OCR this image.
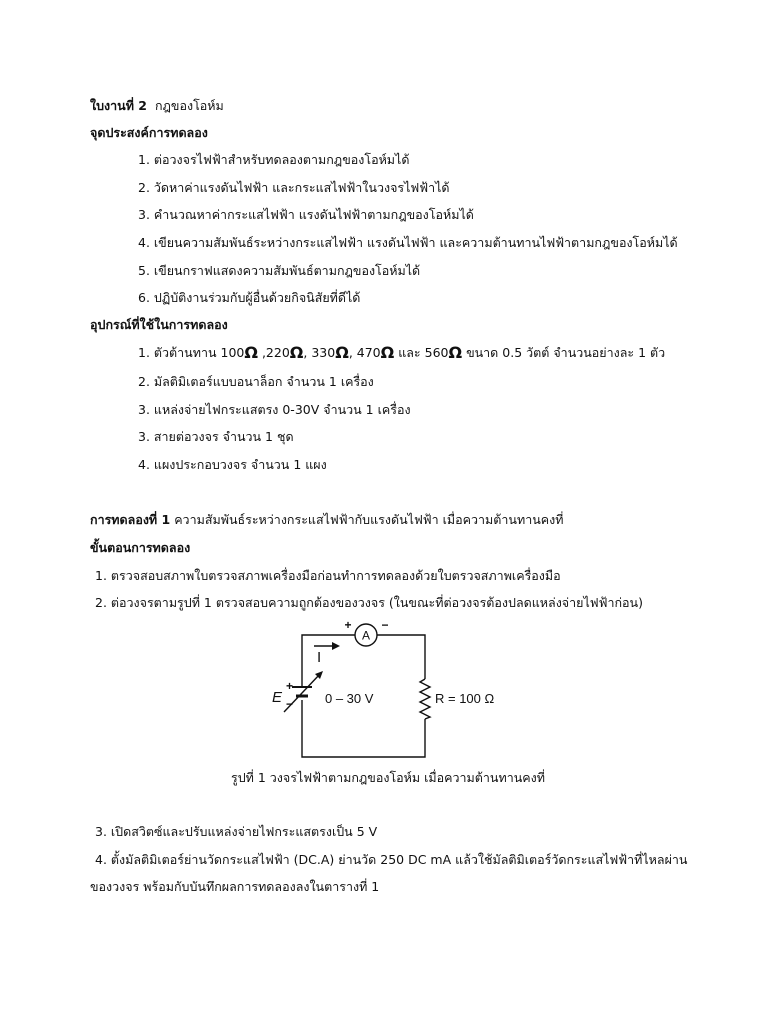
ใบงานที่ 2 กฎของโอห์ม
จุดประสงค์การทดลอง
1. ต่อวงจรไฟฟ้าสำหรับทดลองตามกฎของโอห์มได้
2. วัดหาค่าแรงดันไฟฟ้า และกระแสไฟฟ้าในวงจรไฟฟ้าได้
3. คำนวณหาค่ากระแสไฟฟ้า แรงดันไฟฟ้าตามกฎของโอห์มได้
4. เขียนความสัมพันธ์ระหว่างกระแสไฟฟ้า แรงดันไฟฟ้า และความต้านทานไฟฟ้าตามกฎของโอห์มได้
5. เขียนกราฟแสดงความสัมพันธ์ตามกฎของโอห์มได้
6. ปฏิบัติงานร่วมกับผู้อื่นด้วยกิจนิสัยที่ดีได้
อุปกรณ์ที่ใช้ในการทดลอง
1. ตัวต้านทาน 100Ω ,220Ω, 330Ω, 470Ω และ 560Ω ขนาด 0.5 วัตต์ จำนวนอย่างละ 1 ตัว
2. มัลติมิเตอร์แบบอนาล็อก จำนวน 1 เครื่อง
3. แหล่งจ่ายไฟกระแสตรง 0-30V จำนวน 1 เครื่อง
3. สายต่อวงจร จำนวน 1 ชุด
4. แผงประกอบวงจร จำนวน 1 แผง
การทดลองที่ 1 ความสัมพันธ์ระหว่างกระแสไฟฟ้ากับแรงดันไฟฟ้า เมื่อความต้านทานคงที่
ขั้นตอนการทดลอง
1. ตรวจสอบสภาพใบตรวจสภาพเครื่องมือก่อนทำการทดลองด้วยใบตรวจสภาพเครื่องมือ
2. ต่อวงจรตามรูปที่ 1 ตรวจสอบความถูกต้องของวงจร (ในขณะที่ต่อวงจรต้องปลดแหล่งจ่ายไฟฟ้าก่อน)
A
+ −
I
E
+
− 0 – 30 V	R = 100 Ω
รูปที่ 1 วงจรไฟฟ้าตามกฎของโอห์ม เมื่อความต้านทานคงที่
3. เปิดสวิตซ์และปรับแหล่งจ่ายไฟกระแสตรงเป็น 5 V
4. ตั้งมัลติมิเตอร์ย่านวัดกระแสไฟฟ้า (DC.A) ย่านวัด 250 DC mA แล้วใช้มัลติมิเตอร์วัดกระแสไฟฟ้าที่ไหลผ่าน
ของวงจร พร้อมกับบันทึกผลการทดลองลงในตารางที่ 1
